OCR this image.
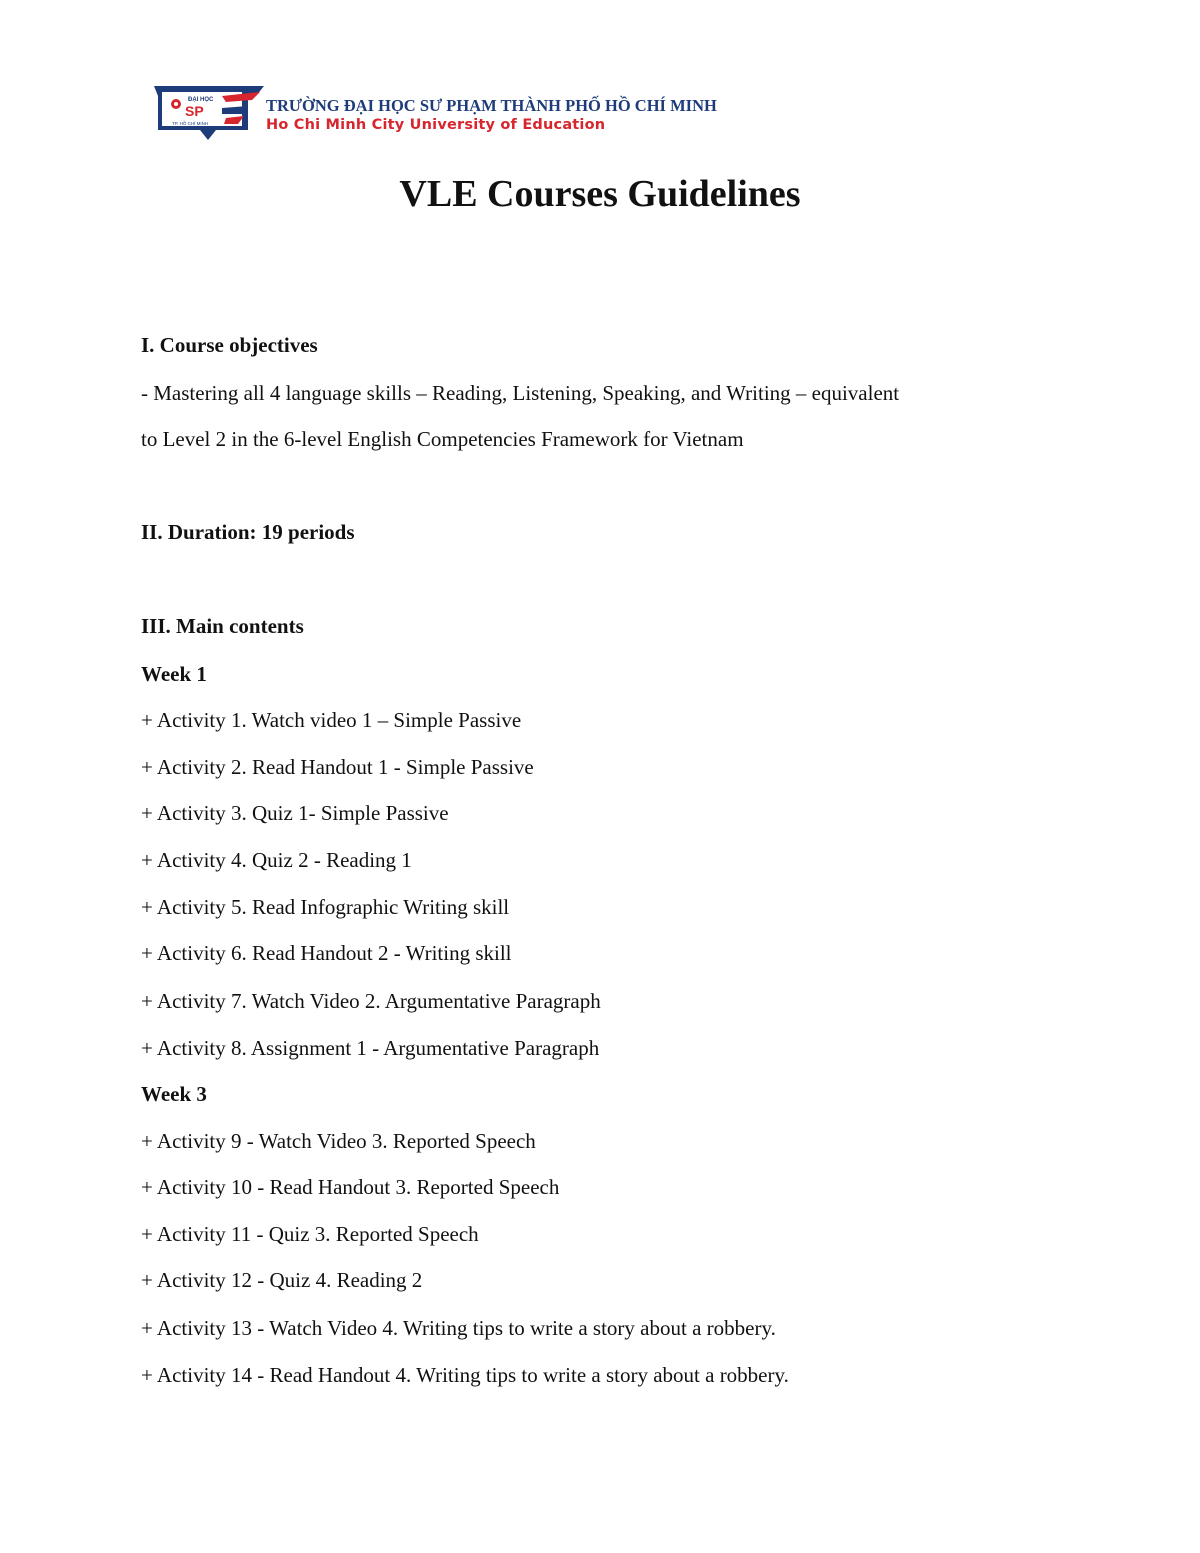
ĐẠI HỌC
SP
TP. HỒ CHÍ MINH
TRƯỜNG ĐẠI HỌC SƯ PHẠM THÀNH PHỐ HỒ CHÍ MINH
Ho Chi Minh City University of Education
VLE Courses Guidelines
I. Course objectives
- Mastering all 4 language skills – Reading, Listening, Speaking, and Writing – equivalent
to Level 2 in the 6-level English Competencies Framework for Vietnam
II. Duration: 19 periods
III. Main contents
Week 1
+ Activity 1. Watch video 1 – Simple Passive
+ Activity 2. Read Handout 1 - Simple Passive
+ Activity 3. Quiz 1- Simple Passive
+ Activity 4. Quiz 2 - Reading 1
+ Activity 5. Read Infographic Writing skill
+ Activity 6. Read Handout 2 - Writing skill
+ Activity 7. Watch Video 2. Argumentative Paragraph
+ Activity 8. Assignment 1 - Argumentative Paragraph
Week 3
+ Activity 9 - Watch Video 3. Reported Speech
+ Activity 10 - Read Handout 3. Reported Speech
+ Activity 11 - Quiz 3. Reported Speech
+ Activity 12 - Quiz 4. Reading 2
+ Activity 13 - Watch Video 4. Writing tips to write a story about a robbery.
+ Activity 14 - Read Handout 4. Writing tips to write a story about a robbery.
